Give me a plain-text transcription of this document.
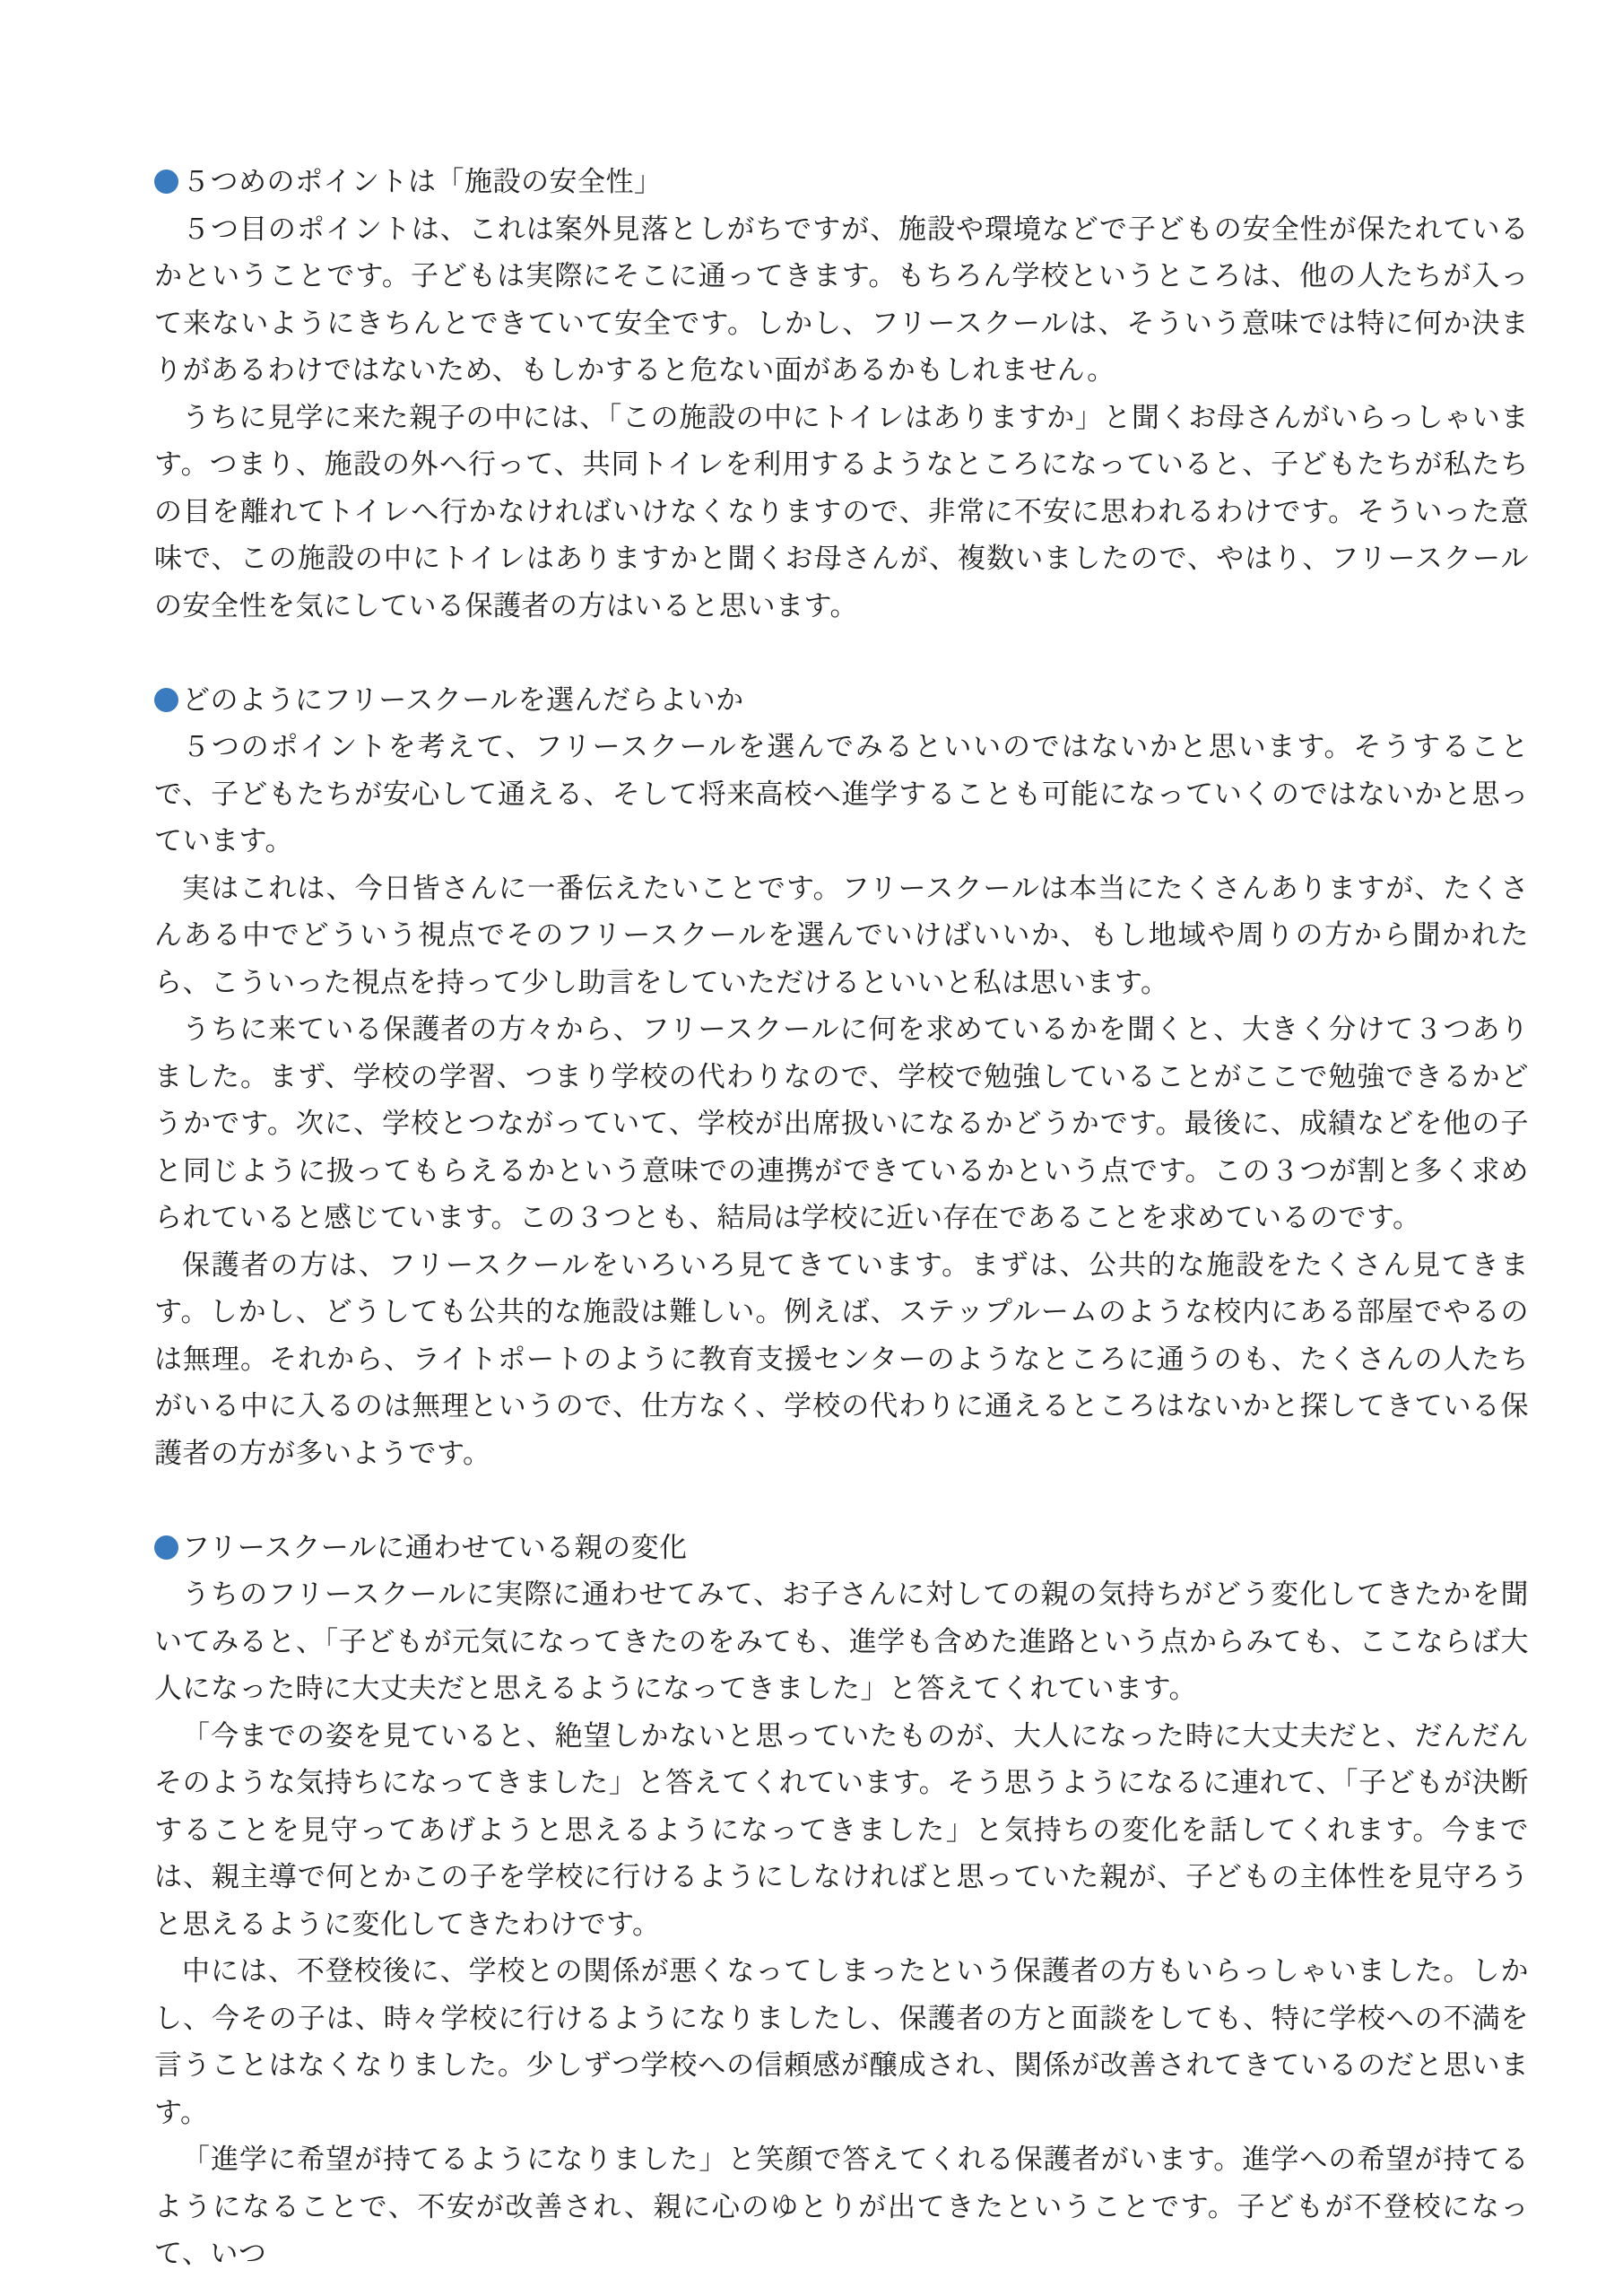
５つめのポイントは「施設の安全性」

５つ目のポイントは、これは案外見落としがちですが、施設や環境などで子どもの安全性が保たれているかということです。子どもは実際にそこに通ってきます。もちろん学校というところは、他の人たちが入って来ないようにきちんとできていて安全です。しかし、フリースクールは、そういう意味では特に何か決まりがあるわけではないため、もしかすると危ない面があるかもしれません。

うちに見学に来た親子の中には、「この施設の中にトイレはありますか」と聞くお母さんがいらっしゃいます。つまり、施設の外へ行って、共同トイレを利用するようなところになっていると、子どもたちが私たちの目を離れてトイレへ行かなければいけなくなりますので、非常に不安に思われるわけです。そういった意味で、この施設の中にトイレはありますかと聞くお母さんが、複数いましたので、やはり、フリースクールの安全性を気にしている保護者の方はいると思います。

どのようにフリースクールを選んだらよいか

５つのポイントを考えて、フリースクールを選んでみるといいのではないかと思います。そうすることで、子どもたちが安心して通える、そして将来高校へ進学することも可能になっていくのではないかと思っています。

実はこれは、今日皆さんに一番伝えたいことです。フリースクールは本当にたくさんありますが、たくさんある中でどういう視点でそのフリースクールを選んでいけばいいか、もし地域や周りの方から聞かれたら、こういった視点を持って少し助言をしていただけるといいと私は思います。

うちに来ている保護者の方々から、フリースクールに何を求めているかを聞くと、大きく分けて３つありました。まず、学校の学習、つまり学校の代わりなので、学校で勉強していることがここで勉強できるかどうかです。次に、学校とつながっていて、学校が出席扱いになるかどうかです。最後に、成績などを他の子と同じように扱ってもらえるかという意味での連携ができているかという点です。この３つが割と多く求められていると感じています。この３つとも、結局は学校に近い存在であることを求めているのです。

保護者の方は、フリースクールをいろいろ見てきています。まずは、公共的な施設をたくさん見てきます。しかし、どうしても公共的な施設は難しい。例えば、ステップルームのような校内にある部屋でやるのは無理。それから、ライトポートのように教育支援センターのようなところに通うのも、たくさんの人たちがいる中に入るのは無理というので、仕方なく、学校の代わりに通えるところはないかと探してきている保護者の方が多いようです。

フリースクールに通わせている親の変化

うちのフリースクールに実際に通わせてみて、お子さんに対しての親の気持ちがどう変化してきたかを聞いてみると、「子どもが元気になってきたのをみても、進学も含めた進路という点からみても、ここならば大人になった時に大丈夫だと思えるようになってきました」と答えてくれています。

「今までの姿を見ていると、絶望しかないと思っていたものが、大人になった時に大丈夫だと、だんだんそのような気持ちになってきました」と答えてくれています。そう思うようになるに連れて、「子どもが決断することを見守ってあげようと思えるようになってきました」と気持ちの変化を話してくれます。今までは、親主導で何とかこの子を学校に行けるようにしなければと思っていた親が、子どもの主体性を見守ろうと思えるように変化してきたわけです。

中には、不登校後に、学校との関係が悪くなってしまったという保護者の方もいらっしゃいました。しかし、今その子は、時々学校に行けるようになりましたし、保護者の方と面談をしても、特に学校への不満を言うことはなくなりました。少しずつ学校への信頼感が醸成され、関係が改善されてきているのだと思います。

「進学に希望が持てるようになりました」と笑顔で答えてくれる保護者がいます。進学への希望が持てるようになることで、不安が改善され、親に心のゆとりが出てきたということです。子どもが不登校になって、いつ
